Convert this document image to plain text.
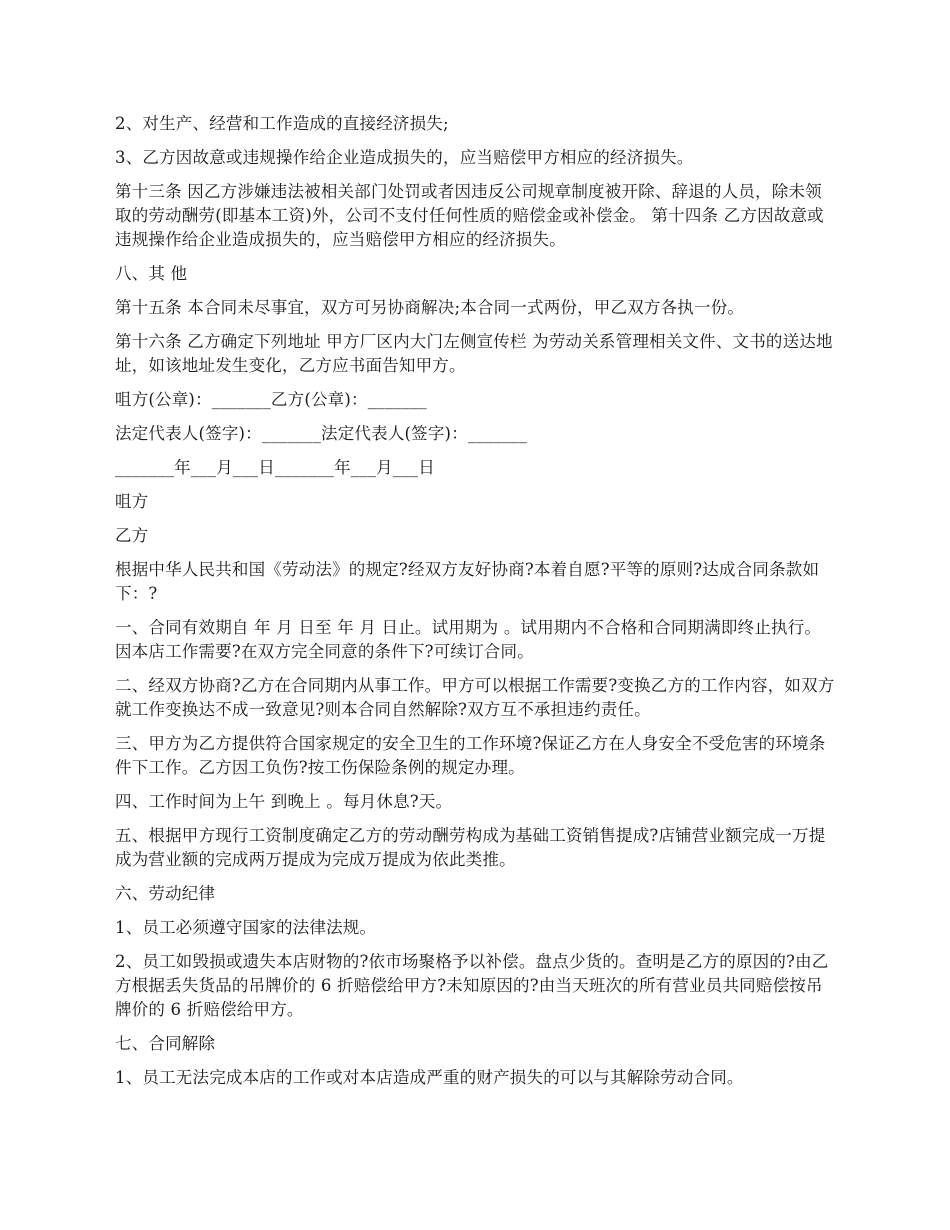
2、对生产、经营和工作造成的直接经济损失;

3、乙方因故意或违规操作给企业造成损失的，应当赔偿甲方相应的经济损失。

第十三条 因乙方涉嫌违法被相关部门处罚或者因违反公司规章制度被开除、辞退的人员，除未领取的劳动酬劳(即基本工资)外，公司不支付任何性质的赔偿金或补偿金。 第十四条 乙方因故意或违规操作给企业造成损失的，应当赔偿甲方相应的经济损失。

八、其 他

第十五条 本合同未尽事宜，双方可另协商解决;本合同一式两份，甲乙双方各执一份。

第十六条 乙方确定下列地址 甲方厂区内大门左侧宣传栏 为劳动关系管理相关文件、文书的送达地址，如该地址发生变化，乙方应书面告知甲方。

咀方(公章)：_______乙方(公章)：_______

法定代表人(签字)：_______法定代表人(签字)：_______

_______年___月___日_______年___月___日

咀方

乙方

根据中华人民共和国《劳动法》的规定?经双方友好协商?本着自愿?平等的原则?达成合同条款如下：?

一、合同有效期自 年 月 日至 年 月 日止。试用期为 。试用期内不合格和合同期满即终止执行。因本店工作需要?在双方完全同意的条件下?可续订合同。

二、经双方协商?乙方在合同期内从事工作。甲方可以根据工作需要?变换乙方的工作内容，如双方就工作变换达不成一致意见?则本合同自然解除?双方互不承担违约责任。

三、甲方为乙方提供符合国家规定的安全卫生的工作环境?保证乙方在人身安全不受危害的环境条件下工作。乙方因工负伤?按工伤保险条例的规定办理。

四、工作时间为上午 到晚上 。每月休息?天。

五、根据甲方现行工资制度确定乙方的劳动酬劳构成为基础工资销售提成?店铺营业额完成一万提成为营业额的完成两万提成为完成万提成为依此类推。

六、劳动纪律

1、员工必须遵守国家的法律法规。

2、员工如毁损或遗失本店财物的?依市场聚格予以补偿。盘点少货的。查明是乙方的原因的?由乙方根据丢失货品的吊牌价的 6 折赔偿给甲方?未知原因的?由当天班次的所有营业员共同赔偿按吊牌价的 6 折赔偿给甲方。

七、合同解除

1、员工无法完成本店的工作或对本店造成严重的财产损失的可以与其解除劳动合同。
